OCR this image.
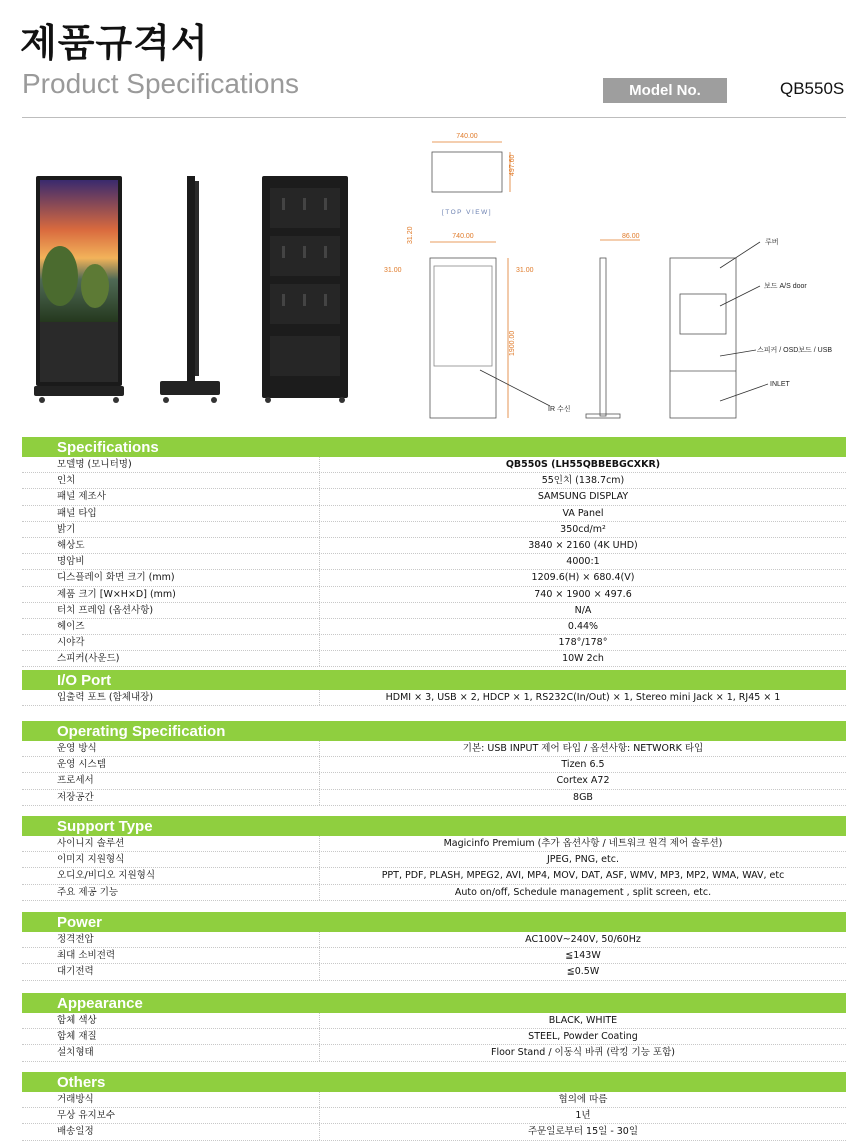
제품규격서
Product Specifications	Model No.	QB550S
740.00
497.60
[TOP VIEW]
740.00
31.20
31.00	31.00
1900.00
IR 수신
86.00
루버
보드 A/S door
스피커 / OSD보드 / USB
INLET
Specifications
모델명 (모니터명)	QB550S (LH55QBBEBGCXKR)
인치	55인치 (138.7cm)
패널 제조사	SAMSUNG DISPLAY
패널 타입	VA Panel
밝기	350cd/m²
해상도	3840 × 2160 (4K UHD)
명암비	4000:1
디스플레이 화면 크기 (mm)	1209.6(H) × 680.4(V)
제품 크기 [W×H×D] (mm)	740 × 1900 × 497.6
터치 프레임 (옵션사항)	N/A
헤이즈	0.44%
시야각	178°/178°
스피커(사운드)	10W 2ch
I/O Port
입출력 포트 (함체내장)	HDMI × 3, USB × 2, HDCP × 1, RS232C(In/Out) × 1, Stereo mini Jack × 1, RJ45 × 1
Operating Specification
운영 방식	기본: USB INPUT 제어 타입 / 옵션사항: NETWORK 타입
운영 시스템	Tizen 6.5
프로세서	Cortex A72
저장공간	8GB
Support Type
사이니지 솔루션	Magicinfo Premium (추가 옵션사항 / 네트워크 원격 제어 솔루션)
이미지 지원형식	JPEG, PNG, etc.
오디오/비디오 지원형식	PPT, PDF, PLASH, MPEG2, AVI, MP4, MOV, DAT, ASF, WMV, MP3, MP2, WMA, WAV, etc
주요 제공 기능	Auto on/off, Schedule management , split screen, etc.
Power
정격전압	AC100V~240V, 50/60Hz
최대 소비전력	≦143W
대기전력	≦0.5W
Appearance
함체 색상	BLACK, WHITE
함체 재질	STEEL, Powder Coating
설치형태	Floor Stand / 이동식 바퀴 (락킹 기능 포함)
Others
거래방식	협의에 따름
무상 유지보수	1년
배송일정	주문일로부터 15일 - 30일
